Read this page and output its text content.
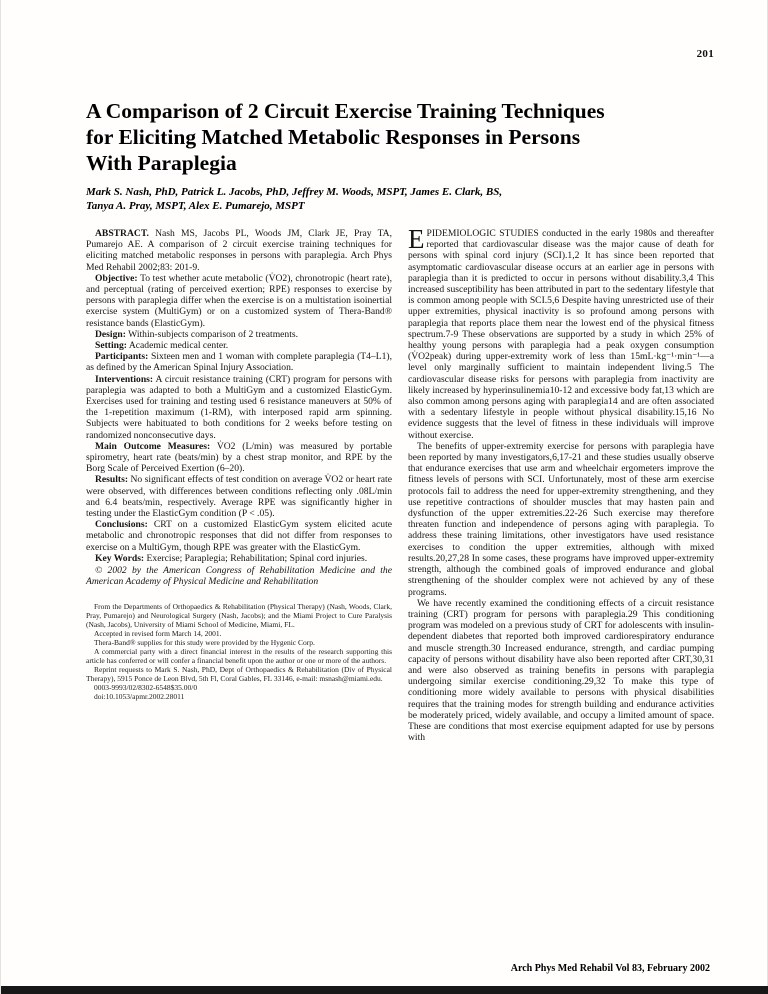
201
A Comparison of 2 Circuit Exercise Training Techniques
for Eliciting Matched Metabolic Responses in Persons
With Paraplegia
Mark S. Nash, PhD, Patrick L. Jacobs, PhD, Jeffrey M. Woods, MSPT, James E. Clark, BS,
Tanya A. Pray, MSPT, Alex E. Pumarejo, MSPT

ABSTRACT. Nash MS, Jacobs PL, Woods JM, Clark JE, Pray TA, Pumarejo AE. A comparison of 2 circuit exercise training techniques for eliciting matched metabolic responses in persons with paraplegia. Arch Phys Med Rehabil 2002;83: 201-9.

Objective: To test whether acute metabolic (V̇O2), chronotropic (heart rate), and perceptual (rating of perceived exertion; RPE) responses to exercise by persons with paraplegia differ when the exercise is on a multistation isoinertial exercise system (MultiGym) or on a customized system of Thera-Band® resistance bands (ElasticGym).

Design: Within-subjects comparison of 2 treatments.

Setting: Academic medical center.

Participants: Sixteen men and 1 woman with complete paraplegia (T4–L1), as defined by the American Spinal Injury Association.

Interventions: A circuit resistance training (CRT) program for persons with paraplegia was adapted to both a MultiGym and a customized ElasticGym. Exercises used for training and testing used 6 resistance maneuvers at 50% of the 1-repetition maximum (1-RM), with interposed rapid arm spinning. Subjects were habituated to both conditions for 2 weeks before testing on randomized nonconsecutive days.

Main Outcome Measures: V̇O2 (L/min) was measured by portable spirometry, heart rate (beats/min) by a chest strap monitor, and RPE by the Borg Scale of Perceived Exertion (6–20).

Results: No significant effects of test condition on average V̇O2 or heart rate were observed, with differences between conditions reflecting only .08L/min and 6.4 beats/min, respectively. Average RPE was significantly higher in testing under the ElasticGym condition (P < .05).

Conclusions: CRT on a customized ElasticGym system elicited acute metabolic and chronotropic responses that did not differ from responses to exercise on a MultiGym, though RPE was greater with the ElasticGym.

Key Words: Exercise; Paraplegia; Rehabilitation; Spinal cord injuries.

© 2002 by the American Congress of Rehabilitation Medicine and the American Academy of Physical Medicine and Rehabilitation

From the Departments of Orthopaedics & Rehabilitation (Physical Therapy) (Nash, Woods, Clark, Pray, Pumarejo) and Neurological Surgery (Nash, Jacobs); and the Miami Project to Cure Paralysis (Nash, Jacobs), University of Miami School of Medicine, Miami, FL.

Accepted in revised form March 14, 2001.

Thera-Band® supplies for this study were provided by the Hygenic Corp.

A commercial party with a direct financial interest in the results of the research supporting this article has conferred or will confer a financial benefit upon the author or one or more of the authors.

Reprint requests to Mark S. Nash, PhD, Dept of Orthopaedics & Rehabilitation (Div of Physical Therapy), 5915 Ponce de Leon Blvd, 5th Fl, Coral Gables, FL 33146, e-mail: msnash@miami.edu.

0003-9993/02/8302-6548$35.00/0

doi:10.1053/apmr.2002.28011

EPIDEMIOLOGIC STUDIES conducted in the early 1980s and thereafter reported that cardiovascular disease was the major cause of death for persons with spinal cord injury (SCI).1,2 It has since been reported that asymptomatic cardiovascular disease occurs at an earlier age in persons with paraplegia than it is predicted to occur in persons without disability.3,4 This increased susceptibility has been attributed in part to the sedentary lifestyle that is common among people with SCI.5,6 Despite having unrestricted use of their upper extremities, physical inactivity is so profound among persons with paraplegia that reports place them near the lowest end of the physical fitness spectrum.7-9 These observations are supported by a study in which 25% of healthy young persons with paraplegia had a peak oxygen consumption (V̇O2peak) during upper-extremity work of less than 15mL·kg⁻¹·min⁻¹—a level only marginally sufficient to maintain independent living.5 The cardiovascular disease risks for persons with paraplegia from inactivity are likely increased by hyperinsulinemia10-12 and excessive body fat,13 which are also common among persons aging with paraplegia14 and are often associated with a sedentary lifestyle in people without physical disability.15,16 No evidence suggests that the level of fitness in these individuals will improve without exercise.

The benefits of upper-extremity exercise for persons with paraplegia have been reported by many investigators,6,17-21 and these studies usually observe that endurance exercises that use arm and wheelchair ergometers improve the fitness levels of persons with SCI. Unfortunately, most of these arm exercise protocols fail to address the need for upper-extremity strengthening, and they use repetitive contractions of shoulder muscles that may hasten pain and dysfunction of the upper extremities.22-26 Such exercise may therefore threaten function and independence of persons aging with paraplegia. To address these training limitations, other investigators have used resistance exercises to condition the upper extremities, although with mixed results.20,27,28 In some cases, these programs have improved upper-extremity strength, although the combined goals of improved endurance and global strengthening of the shoulder complex were not achieved by any of these programs.

We have recently examined the conditioning effects of a circuit resistance training (CRT) program for persons with paraplegia.29 This conditioning program was modeled on a previous study of CRT for adolescents with insulin-dependent diabetes that reported both improved cardiorespiratory endurance and muscle strength.30 Increased endurance, strength, and cardiac pumping capacity of persons without disability have also been reported after CRT,30,31 and were also observed as training benefits in persons with paraplegia undergoing similar exercise conditioning.29,32 To make this type of conditioning more widely available to persons with physical disabilities requires that the training modes for strength building and endurance activities be moderately priced, widely available, and occupy a limited amount of space. These are conditions that most exercise equipment adapted for use by persons with

Arch Phys Med Rehabil Vol 83, February 2002
